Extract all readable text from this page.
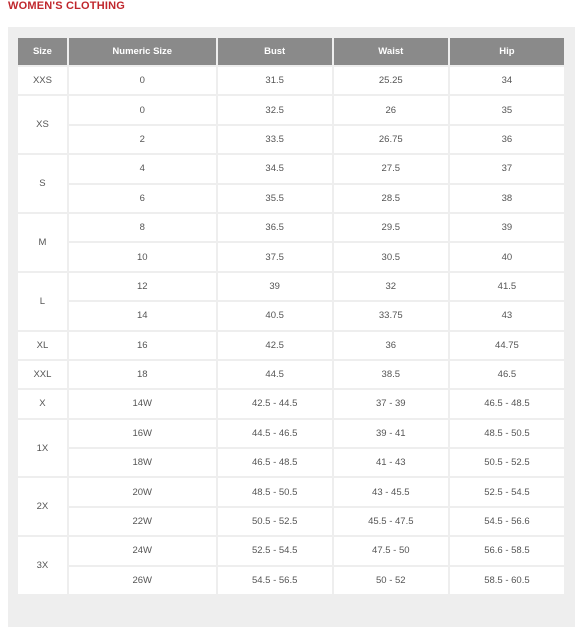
WOMEN'S CLOTHING
Size	Numeric Size	Bust	Waist	Hip
XXS	0	31.5	25.25	34
XS	0	32.5	26	35
	2	33.5	26.75	36
S	4	34.5	27.5	37
	6	35.5	28.5	38
M	8	36.5	29.5	39
	10	37.5	30.5	40
L	12	39	32	41.5
	14	40.5	33.75	43
XL	16	42.5	36	44.75
XXL	18	44.5	38.5	46.5
X	14W	42.5 - 44.5	37 - 39	46.5 - 48.5
1X	16W	44.5 - 46.5	39 - 41	48.5 - 50.5
	18W	46.5 - 48.5	41 - 43	50.5 - 52.5
2X	20W	48.5 - 50.5	43 - 45.5	52.5 - 54.5
	22W	50.5 - 52.5	45.5 - 47.5	54.5 - 56.6
3X	24W	52.5 - 54.5	47.5 - 50	56.6 - 58.5
	26W	54.5 - 56.5	50 - 52	58.5 - 60.5
